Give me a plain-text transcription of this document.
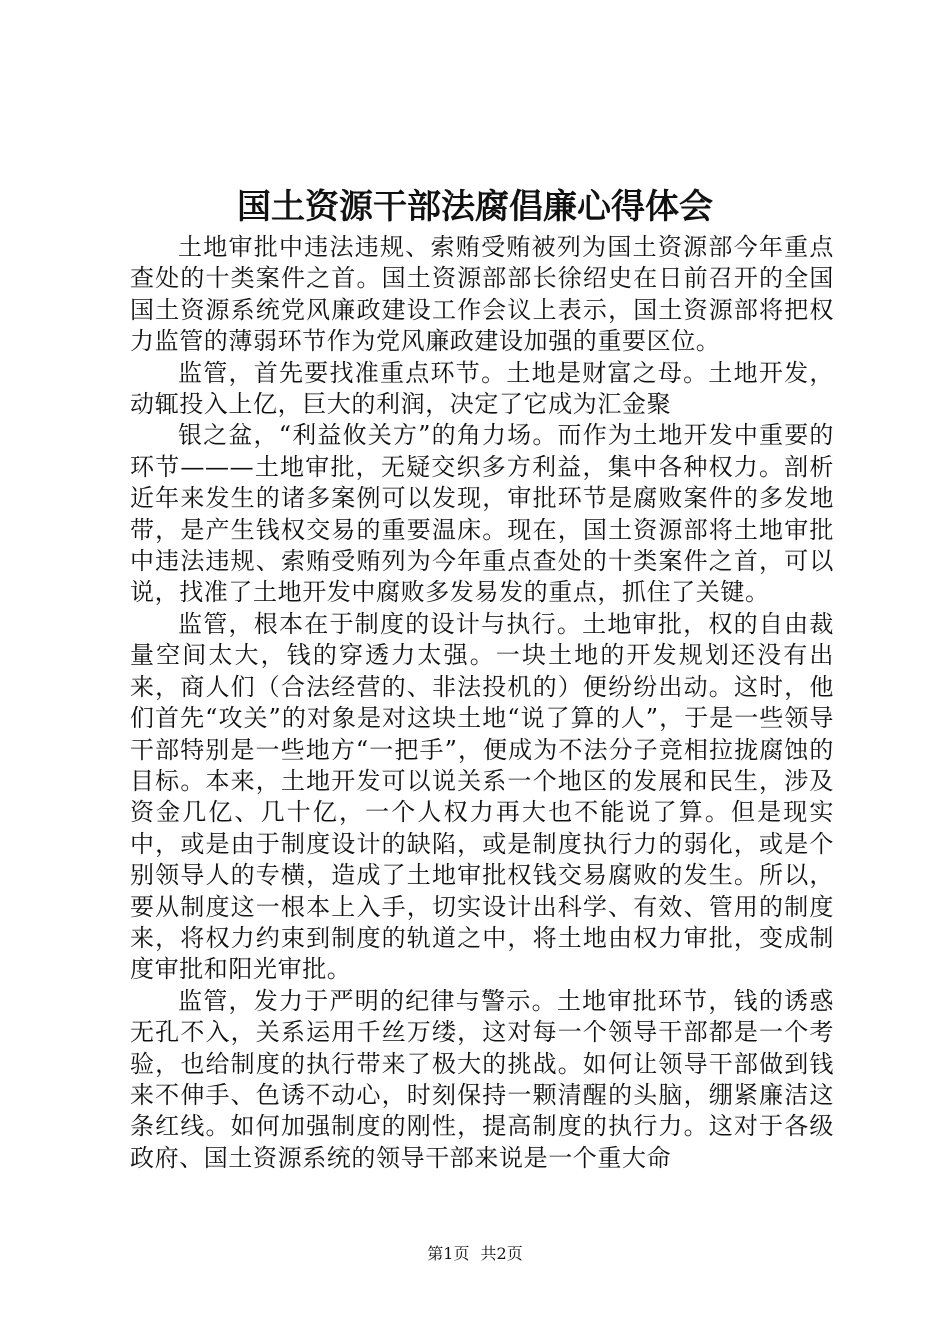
国土资源干部法腐倡廉心得体会

土地审批中违法违规、索贿受贿被列为国土资源部今年重点查处的十类案件之首。国土资源部部长徐绍史在日前召开的全国国土资源系统党风廉政建设工作会议上表示，国土资源部将把权力监管的薄弱环节作为党风廉政建设加强的重要区位。

监管，首先要找准重点环节。土地是财富之母。土地开发，动辄投入上亿，巨大的利润，决定了它成为汇金聚

银之盆，“利益攸关方”的角力场。而作为土地开发中重要的环节———土地审批，无疑交织多方利益，集中各种权力。剖析近年来发生的诸多案例可以发现，审批环节是腐败案件的多发地带，是产生钱权交易的重要温床。现在，国土资源部将土地审批中违法违规、索贿受贿列为今年重点查处的十类案件之首，可以说，找准了土地开发中腐败多发易发的重点，抓住了关键。

监管，根本在于制度的设计与执行。土地审批，权的自由裁量空间太大，钱的穿透力太强。一块土地的开发规划还没有出来，商人们（合法经营的、非法投机的）便纷纷出动。这时，他们首先“攻关”的对象是对这块土地“说了算的人”，于是一些领导干部特别是一些地方“一把手”，便成为不法分子竞相拉拢腐蚀的目标。本来，土地开发可以说关系一个地区的发展和民生，涉及资金几亿、几十亿，一个人权力再大也不能说了算。但是现实中，或是由于制度设计的缺陷，或是制度执行力的弱化，或是个别领导人的专横，造成了土地审批权钱交易腐败的发生。所以，要从制度这一根本上入手，切实设计出科学、有效、管用的制度来，将权力约束到制度的轨道之中，将土地由权力审批，变成制度审批和阳光审批。

监管，发力于严明的纪律与警示。土地审批环节，钱的诱惑无孔不入，关系运用千丝万缕，这对每一个领导干部都是一个考验，也给制度的执行带来了极大的挑战。如何让领导干部做到钱来不伸手、色诱不动心，时刻保持一颗清醒的头脑，绷紧廉洁这条红线。如何加强制度的刚性，提高制度的执行力。这对于各级政府、国土资源系统的领导干部来说是一个重大命

第1页 共2页
